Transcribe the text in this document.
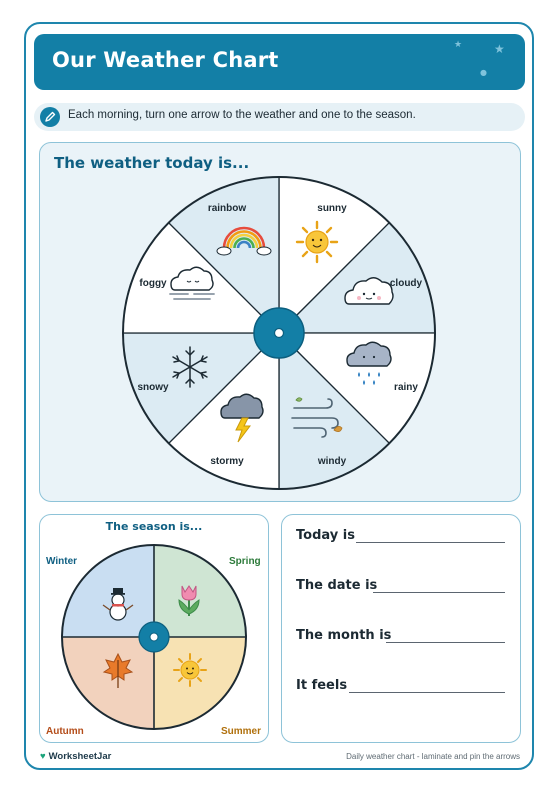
Our Weather Chart
★	★
●
Each morning, turn one arrow to the weather and one to the season.
The weather today is...
sunny
cloudy
rainy
windy
stormy
snowy
foggy
rainbow
The season is...
Winter	Spring
Autumn	Summer
Today is
The date is
The month is
It feels
♥ WorksheetJar	Daily weather chart - laminate and pin the arrows
